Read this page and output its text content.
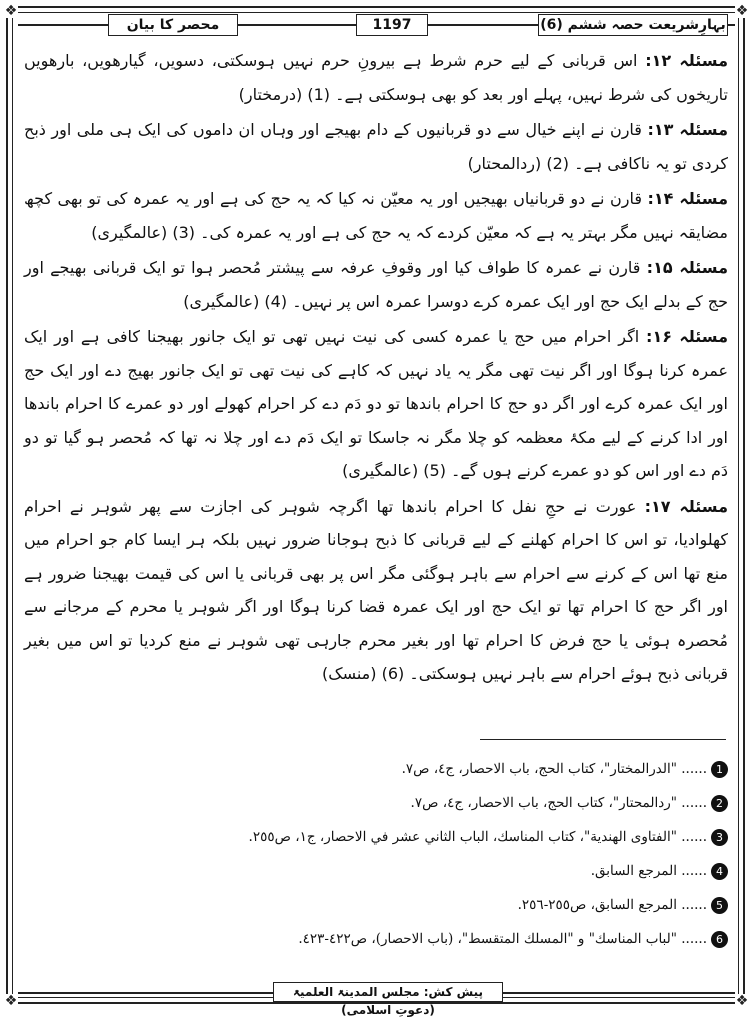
❖	❖
❖	❖
محصر کا بیان	1197	بہارِشریعت حصہ ششم (6)

مسئلہ ۱۲: اس قربانی کے لیے حرم شرط ہے بیرونِ حرم نہیں ہوسکتی، دسویں، گیارھویں، بارھویں تاریخوں کی شرط نہیں، پہلے اور بعد کو بھی ہوسکتی ہے۔ (1) (درمختار)

مسئلہ ۱۳: قارن نے اپنے خیال سے دو قربانیوں کے دام بھیجے اور وہاں ان داموں کی ایک ہی ملی اور ذبح کردی تو یہ ناکافی ہے۔ (2) (ردالمحتار)

مسئلہ ۱۴: قارن نے دو قربانیاں بھیجیں اور یہ معیّن نہ کیا کہ یہ حج کی ہے اور یہ عمرہ کی تو بھی کچھ مضایقہ نہیں مگر بہتر یہ ہے کہ معیّن کردے کہ یہ حج کی ہے اور یہ عمرہ کی۔ (3) (عالمگیری)

مسئلہ ۱۵: قارن نے عمرہ کا طواف کیا اور وقوفِ عرفہ سے پیشتر مُحصر ہوا تو ایک قربانی بھیجے اور حج کے بدلے ایک حج اور ایک عمرہ کرے دوسرا عمرہ اس پر نہیں۔ (4) (عالمگیری)

مسئلہ ۱۶: اگر احرام میں حج یا عمرہ کسی کی نیت نہیں تھی تو ایک جانور بھیجنا کافی ہے اور ایک عمرہ کرنا ہوگا اور اگر نیت تھی مگر یہ یاد نہیں کہ کاہے کی نیت تھی تو ایک جانور بھیج دے اور ایک حج اور ایک عمرہ کرے اور اگر دو حج کا احرام باندھا تو دو دَم دے کر احرام کھولے اور دو عمرے کا احرام باندھا اور ادا کرنے کے لیے مکۂ معظمہ کو چلا مگر نہ جاسکا تو ایک دَم دے اور چلا نہ تھا کہ مُحصر ہو گیا تو دو دَم دے اور اس کو دو عمرے کرنے ہوں گے۔ (5) (عالمگیری)

مسئلہ ۱۷: عورت نے حجِ نفل کا احرام باندھا تھا اگرچہ شوہر کی اجازت سے پھر شوہر نے احرام کھلوادیا، تو اس کا احرام کھلنے کے لیے قربانی کا ذبح ہوجانا ضرور نہیں بلکہ ہر ایسا کام جو احرام میں منع تھا اس کے کرنے سے احرام سے باہر ہوگئی مگر اس پر بھی قربانی یا اس کی قیمت بھیجنا ضرور ہے اور اگر حج کا احرام تھا تو ایک حج اور ایک عمرہ قضا کرنا ہوگا اور اگر شوہر یا محرم کے مرجانے سے مُحصرہ ہوئی یا حج فرض کا احرام تھا اور بغیر محرم جارہی تھی شوہر نے منع کردیا تو اس میں بغیر قربانی ذبح ہوئے احرام سے باہر نہیں ہوسکتی۔ (6) (منسک)

1...... "الدرالمختار"، كتاب الحج، باب الاحصار، ج٤، ص٧.
2...... "ردالمحتار"، كتاب الحج، باب الاحصار، ج٤، ص٧.
3...... "الفتاوى الهندية"، كتاب المناسك، الباب الثاني عشر في الاحصار، ج١، ص٢٥٥.
4...... المرجع السابق.
5...... المرجع السابق، ص٢٥٥-٢٥٦.
6...... "لباب المناسك" و "المسلك المتقسط"، (باب الاحصار)، ص٤٢٢-٤٢٣.
پیش کش: مجلس المدینۃ العلمیۃ (دعوتِ اسلامی)
